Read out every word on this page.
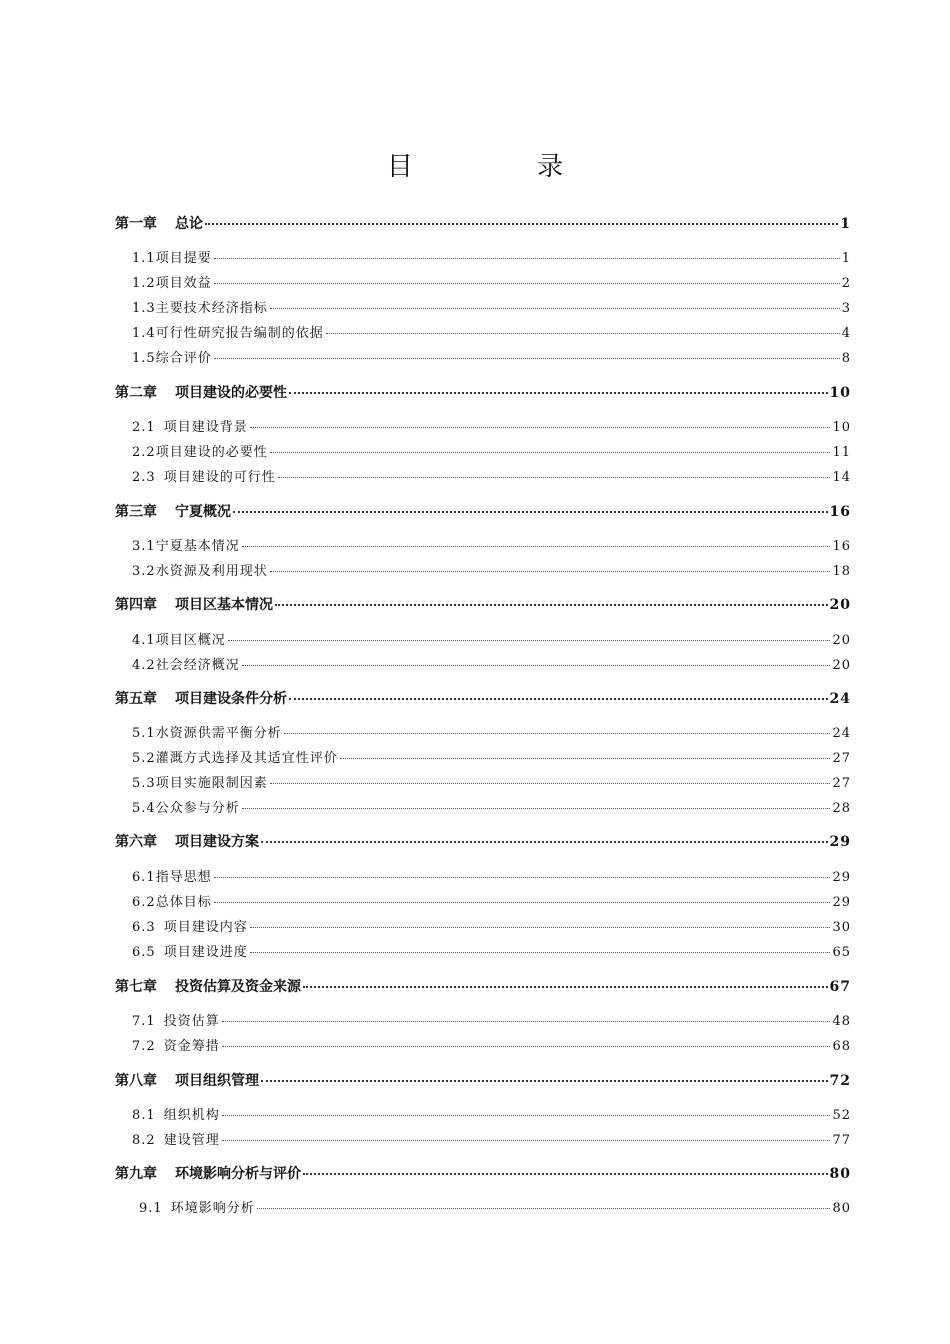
目 录
第一章 总论	1
1.1 项目提要	1
1.2 项目效益	2
1.3 主要技术经济指标	3
1.4 可行性研究报告编制的依据	4
1.5 综合评价	8
第二章 项目建设的必要性	10
2.1 项目建设背景	10
2.2 项目建设的必要性	11
2.3 项目建设的可行性	14
第三章 宁夏概况	16
3.1 宁夏基本情况	16
3.2 水资源及利用现状	18
第四章 项目区基本情况	20
4.1 项目区概况	20
4.2 社会经济概况	20
第五章 项目建设条件分析	24
5.1 水资源供需平衡分析	24
5.2 灌溉方式选择及其适宜性评价	27
5.3 项目实施限制因素	27
5.4 公众参与分析	28
第六章 项目建设方案	29
6.1 指导思想	29
6.2 总体目标	29
6.3 项目建设内容	30
6.5 项目建设进度	65
第七章 投资估算及资金来源	67
7.1 投资估算	48
7.2 资金筹措	68
第八章 项目组织管理	72
8.1 组织机构	52
8.2 建设管理	77
第九章 环境影响分析与评价	80
9.1 环境影响分析	80
